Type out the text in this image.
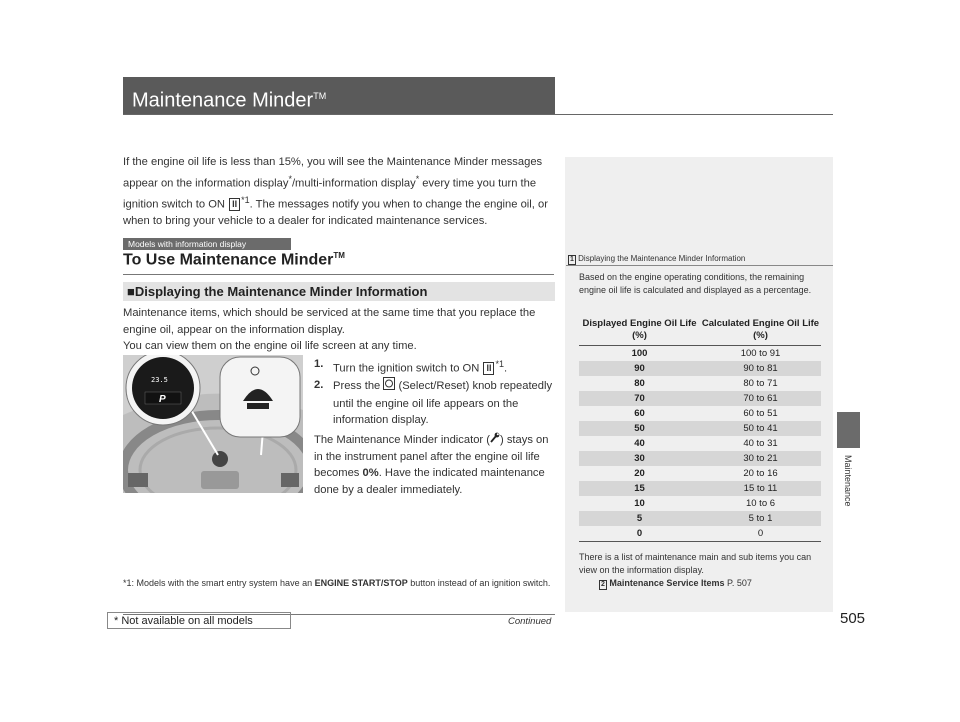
Maintenance Minder™
If the engine oil life is less than 15%, you will see the Maintenance Minder messages appear on the information display*/multi-information display* every time you turn the ignition switch to ON II $^{*1}$. The messages notify you when to change the engine oil, or when to bring your vehicle to a dealer for indicated maintenance services.
Models with information display
To Use Maintenance Minder™
■Displaying the Maintenance Minder Information
Maintenance items, which should be serviced at the same time that you replace the engine oil, appear on the information display.
You can view them on the engine oil life screen at any time.
23.5
P
1. Turn the ignition switch to ON II $^{*1}$.
2. Press the  (Select/Reset) knob repeatedly until the engine oil life appears on the information display.
The Maintenance Minder indicator ( ) stays on in the instrument panel after the engine oil life becomes 0%. Have the indicated maintenance done by a dealer immediately.
*1: Models with the smart entry system have an ENGINE START/STOP button instead of an ignition switch.
Continued
* Not available on all models	505
Maintenance
1 Displaying the Maintenance Minder Information
Based on the engine operating conditions, the remaining engine oil life is calculated and displayed as a percentage.
Displayed Engine Oil Life (%)	Calculated Engine Oil Life (%)
100	100 to 91
90	90 to 81
80	80 to 71
70	70 to 61
60	60 to 51
50	50 to 41
40	40 to 31
30	30 to 21
20	20 to 16
15	15 to 11
10	10 to 6
5	5 to 1
0	0
There is a list of maintenance main and sub items you can view on the information display.
2 Maintenance Service Items P. 507
